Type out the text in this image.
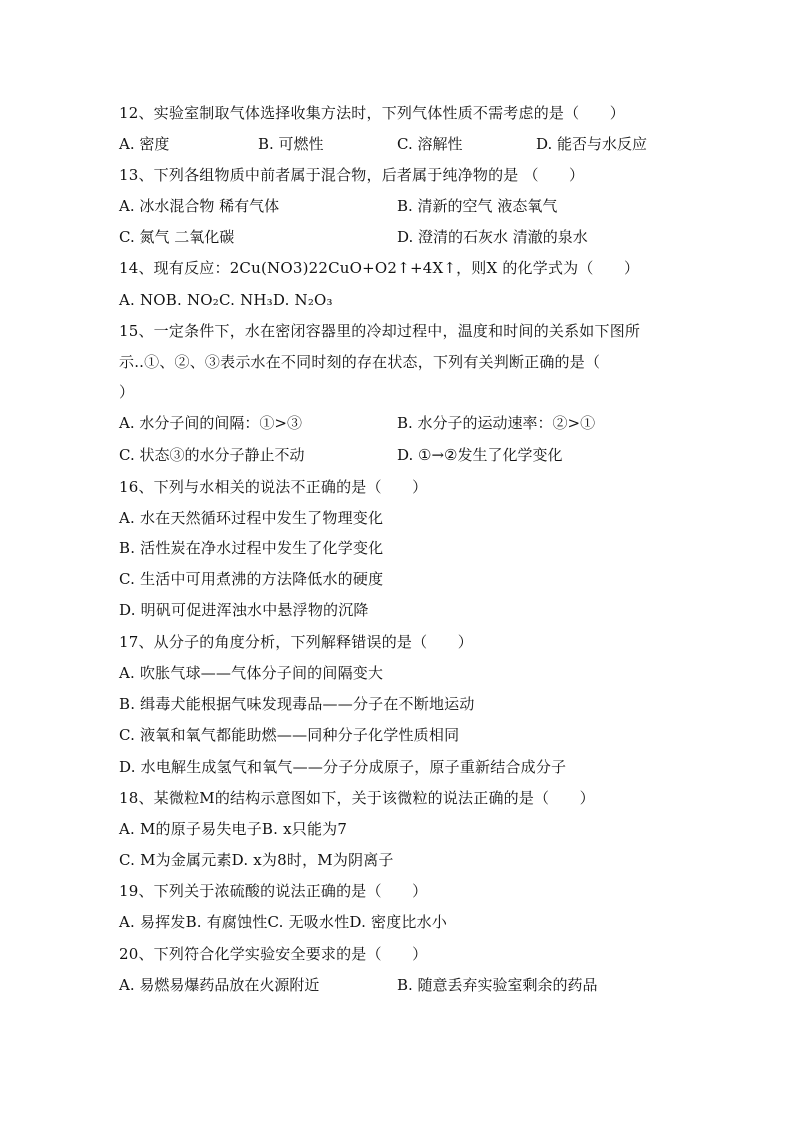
12、实验室制取气体选择收集方法时，下列气体性质不需考虑的是（　　）
A. 密度	B. 可燃性	C. 溶解性	D. 能否与水反应
13、下列各组物质中前者属于混合物，后者属于纯净物的是 （　　）
A. 冰水混合物 稀有气体	B. 清新的空气 液态氧气
C. 氮气 二氧化碳	D. 澄清的石灰水 清澈的泉水
14、现有反应：2Cu(NO3)22CuO+O2↑+4X↑，则X 的化学式为（　　）
A. NOB. NO₂C. NH₃D. N₂O₃
15、一定条件下，水在密闭容器里的冷却过程中，温度和时间的关系如下图所
示..①、②、③表示水在不同时刻的存在状态，下列有关判断正确的是（
）
A. 水分子间的间隔：①>③	B. 水分子的运动速率：②>①
C. 状态③的水分子静止不动	D. ①→②发生了化学变化
16、下列与水相关的说法不正确的是（　　）
A. 水在天然循环过程中发生了物理变化
B. 活性炭在净水过程中发生了化学变化
C. 生活中可用煮沸的方法降低水的硬度
D. 明矾可促进浑浊水中悬浮物的沉降
17、从分子的角度分析，下列解释错误的是（　　）
A. 吹胀气球——气体分子间的间隔变大
B. 缉毒犬能根据气味发现毒品——分子在不断地运动
C. 液氧和氧气都能助燃——同种分子化学性质相同
D. 水电解生成氢气和氧气——分子分成原子，原子重新结合成分子
18、某微粒M的结构示意图如下，关于该微粒的说法正确的是（　　）
A. M的原子易失电子B. x只能为7
C. M为金属元素D. x为8时，M为阴离子
19、下列关于浓硫酸的说法正确的是（　　）
A. 易挥发B. 有腐蚀性C. 无吸水性D. 密度比水小
20、下列符合化学实验安全要求的是（　　）
A. 易燃易爆药品放在火源附近	B. 随意丢弃实验室剩余的药品
